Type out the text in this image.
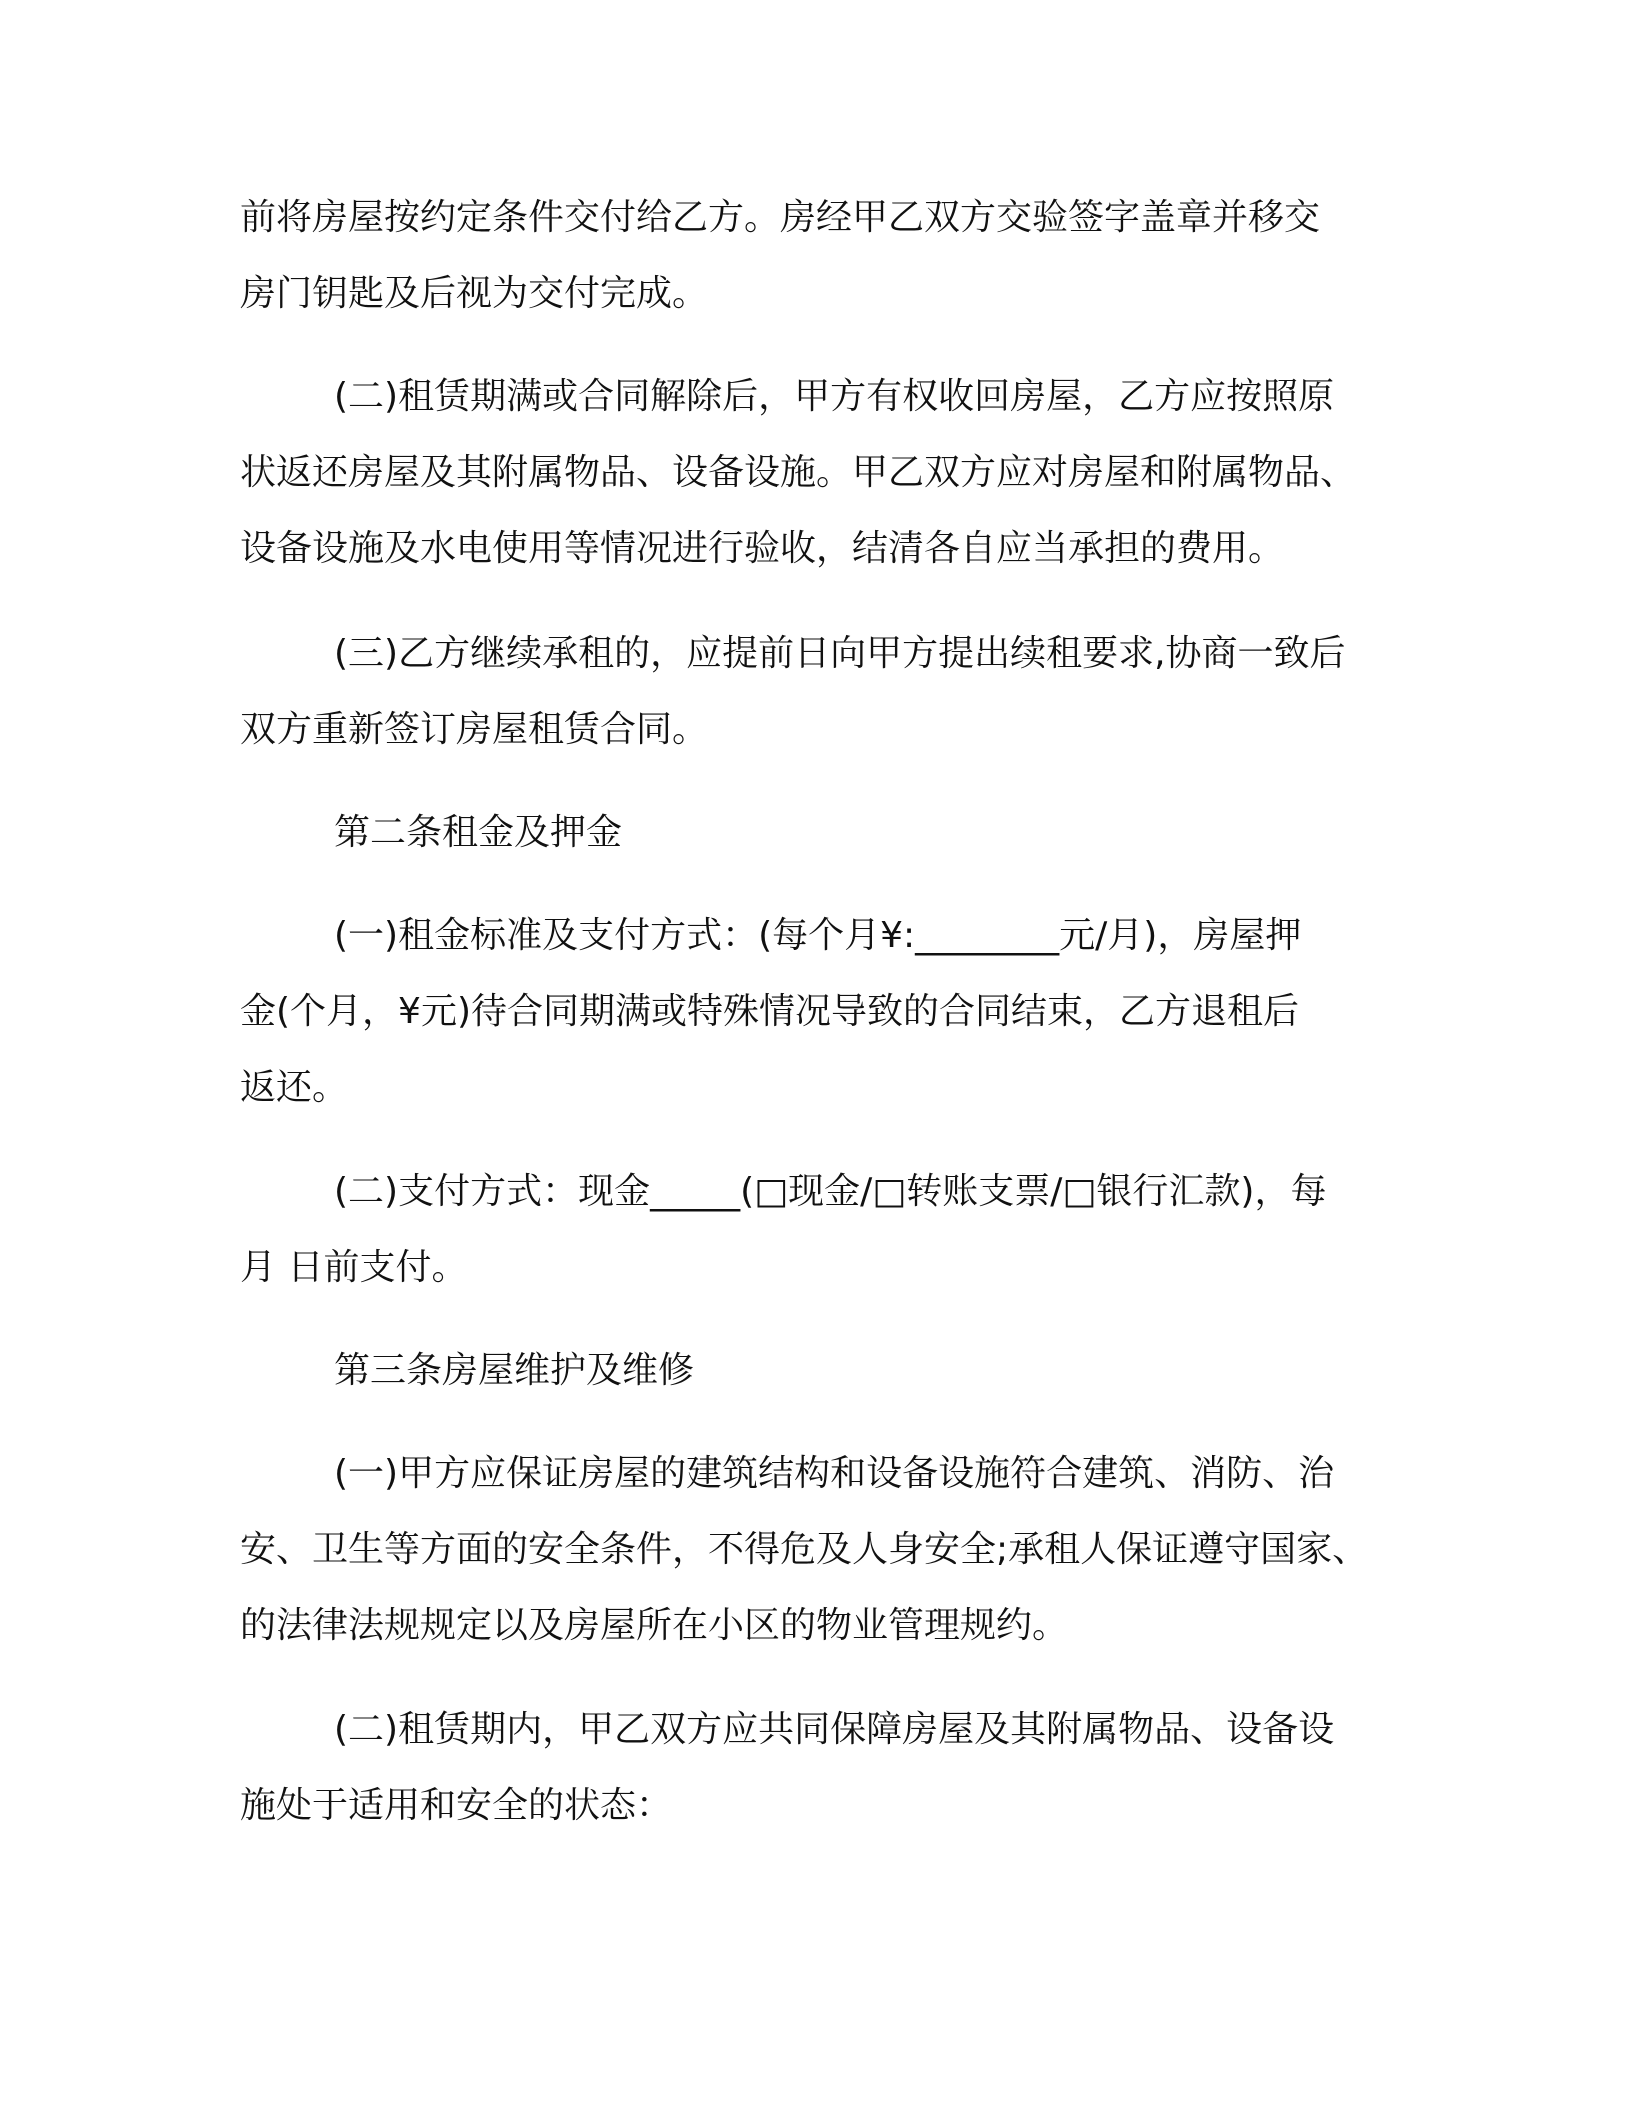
前将房屋按约定条件交付给乙方。房经甲乙双方交验签字盖章并移交

房门钥匙及后视为交付完成。

(二)租赁期满或合同解除后，甲方有权收回房屋，乙方应按照原

状返还房屋及其附属物品、设备设施。甲乙双方应对房屋和附属物品、

设备设施及水电使用等情况进行验收，结清各自应当承担的费用。

(三)乙方继续承租的，应提前日向甲方提出续租要求,协商一致后

双方重新签订房屋租赁合同。

第二条租金及押金

(一)租金标准及支付方式：(每个月¥:________元/月)，房屋押

金(个月，¥元)待合同期满或特殊情况导致的合同结束，乙方退租后

返还。

(二)支付方式：现金_____(□现金/□转账支票/□银行汇款)，每

月 日前支付。

第三条房屋维护及维修

(一)甲方应保证房屋的建筑结构和设备设施符合建筑、消防、治

安、卫生等方面的安全条件，不得危及人身安全;承租人保证遵守国家、

的法律法规规定以及房屋所在小区的物业管理规约。

(二)租赁期内，甲乙双方应共同保障房屋及其附属物品、设备设

施处于适用和安全的状态：
